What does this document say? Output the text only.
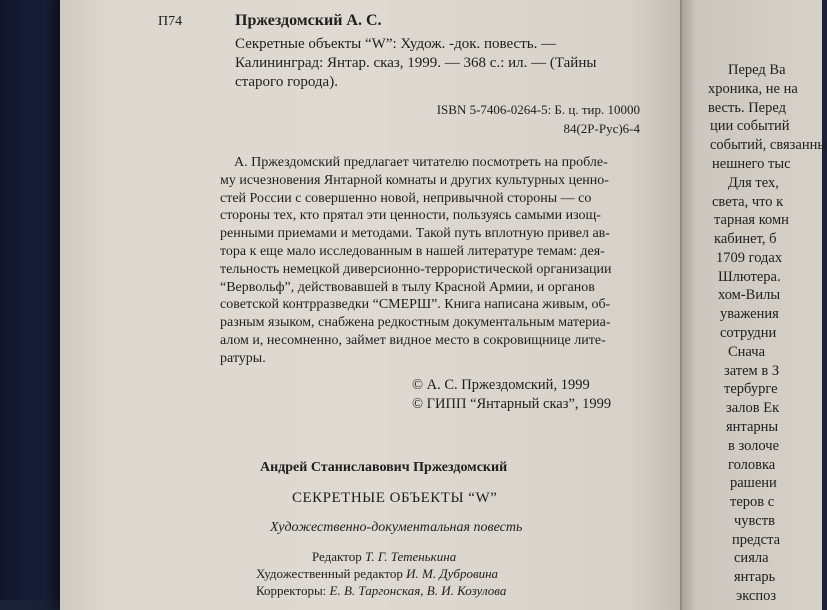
П74	Пржездомский А. С.
Секретные объекты “W”: Худож. -док. повесть. —
Калининград: Янтар. сказ, 1999. — 368 с.: ил. — (Тайны
старого города).
ISBN 5-7406-0264-5: Б. ц. тир. 10000
84(2Р-Рус)6-4
А. Пржездомский предлагает читателю посмотреть на пробле-
му исчезновения Янтарной комнаты и других культурных ценно-
стей России с совершенно новой, непривычной стороны — со
стороны тех, кто прятал эти ценности, пользуясь самыми изощ-
ренными приемами и методами. Такой путь вплотную привел ав-
тора к еще мало исследованным в нашей литературе темам: дея-
тельность немецкой диверсионно-террористической организации
“Вервольф”, действовавшей в тылу Красной Армии, и органов
советской контрразведки “СМЕРШ”. Книга написана живым, об-
разным языком, снабжена редкостным документальным материа-
алом и, несомненно, займет видное место в сокровищнице лите-
ратуры.
© А. С. Пржездомский, 1999
© ГИПП “Янтарный сказ”, 1999
Андрей Станиславович Пржездомский
СЕКРЕТНЫЕ ОБЪЕКТЫ “W”
Художественно-документальная повесть
Редактор Т. Г. Тетенькина
Художественный редактор И. М. Дубровина
Корректоры: Е. В. Таргонская, В. И. Козулова
Перед Ва
хроника, не на
весть. Перед
ции событий
событий, связанны
нешнего тыс
Для тех,
света, что к
тарная комн
кабинет, б
1709 годах
Шлютера.
хом-Вилы
уважения
сотрудни
Снача
затем в З
тербурге
залов Ек
янтарны
в золоче
головка
рашени
теров с
чувств
предста
сияла
янтарь
экспоз
